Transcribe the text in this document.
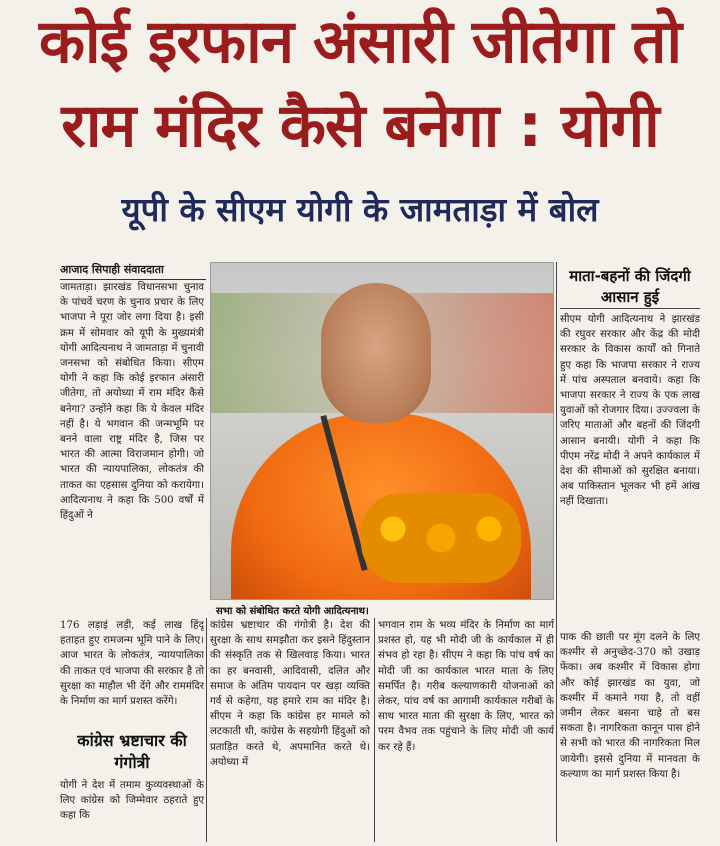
कोई इरफान अंसारी जीतेगा तो
राम मंदिर कैसे बनेगा : योगी
यूपी के सीएम योगी के जामताड़ा में बोल
आजाद सिपाही संवाददाता
जामताड़ा। झारखंड विधानसभा चुनाव के पांचवें चरण के चुनाव प्रचार के लिए भाजपा ने पूरा जोर लगा दिया है। इसी क्रम में सोमवार को यूपी के मुख्यमंत्री योगी आदित्यनाथ ने जामताड़ा में चुनावी जनसभा को संबोधित किया। सीएम योगी ने कहा कि कोई इरफान अंसारी जीतेगा, तो अयोध्या में राम मंदिर कैसे बनेगा? उन्होंने कहा कि ये केवल मंदिर नहीं है। ये भगवान की जन्मभूमि पर बनने वाला राष्ट्र मंदिर है, जिस पर भारत की आत्मा विराजमान होगी। जो भारत की न्यायपालिका, लोकतंत्र की ताकत का एहसास दुनिया को करायेगा। आदित्यनाथ ने कहा कि 500 वर्षों में हिंदुओं ने
सभा को संबोधित करते योगी आदित्यनाथ।
176 लड़ाइं लड़ी, कई लाख हिंदू हताहत हुए रामजन्म भूमि पाने के लिए। आज भारत के लोकतंत्र, न्यायपालिका की ताकत एवं भाजपा की सरकार है तो सुरक्षा का माहौल भी देंगे और राममंदिर के निर्माण का मार्ग प्रशस्त करेंगे।
कांग्रेस भ्रष्टाचार की गंगोत्री
योगी ने देश में तमाम कुव्यवस्थाओं के लिए कांग्रेस को जिम्मेवार ठहराते हुए कहा कि
कांग्रेस भ्रष्टाचार की गंगोत्री है। देश की सुरक्षा के साथ समझौता कर इसने हिंदुस्तान की संस्कृति तक से खिलवाड़ किया। भारत का हर बनवासी, आदिवासी, दलित और समाज के अंतिम पायदान पर खड़ा व्यक्ति गर्व से कहेगा, यह हमारे राम का मंदिर है। सीएम ने कहा कि कांग्रेस हर मामले को लटकाती थी, कांग्रेस के सहयोगी हिंदुओं को प्रताड़ित करते थे, अपमानित करते थे। अयोध्या में
भगवान राम के भव्य मंदिर के निर्माण का मार्ग प्रशस्त हो, यह भी मोदी जी के कार्यकाल में ही संभव हो रहा है। सीएम ने कहा कि पांच वर्ष का मोदी जी का कार्यकाल भारत माता के लिए समर्पित है। गरीब कल्याणकारी योजनाओं को लेकर, पांच वर्ष का आगामी कार्यकाल गरीबों के साथ भारत माता की सुरक्षा के लिए, भारत को परम वैभव तक पहुंचाने के लिए मोदी जी कार्य कर रहे हैं।
माता-बहनों की जिंदगी आसान हुई
सीएम योगी आदित्यनाथ ने झारखंड की रघुवर सरकार और केंद्र की मोदी सरकार के विकास कार्यों को गिनाते हुए कहा कि भाजपा सरकार ने राज्य में पांच अस्पताल बनवाये। कहा कि भाजपा सरकार ने राज्य के एक लाख युवाओं को रोजगार दिया। उज्ज्वला के जरिए माताओं और बहनों की जिंदगी आसान बनायी। योगी ने कहा कि पीएम नरेंद्र मोदी ने अपने कार्यकाल में देश की सीमाओं को सुरक्षित बनाया। अब पाकिस्तान भूलकर भी हमें आंख नहीं दिखाता।
पाक की छाती पर मूंग दलने के लिए कश्मीर से अनुच्छेद-370 को उखाड़ फेंका। अब कश्मीर में विकास होगा और कोई झारखंड का युवा, जो कश्मीर में कमाने गया है, तो वहीं जमीन लेकर बसना चाहे तो बस सकता है। नागरिकता कानून पास होने से सभी को भारत की नागरिकता मिल जायेगी। इससे दुनिया में मानवता के कल्याण का मार्ग प्रशस्त किया है।
